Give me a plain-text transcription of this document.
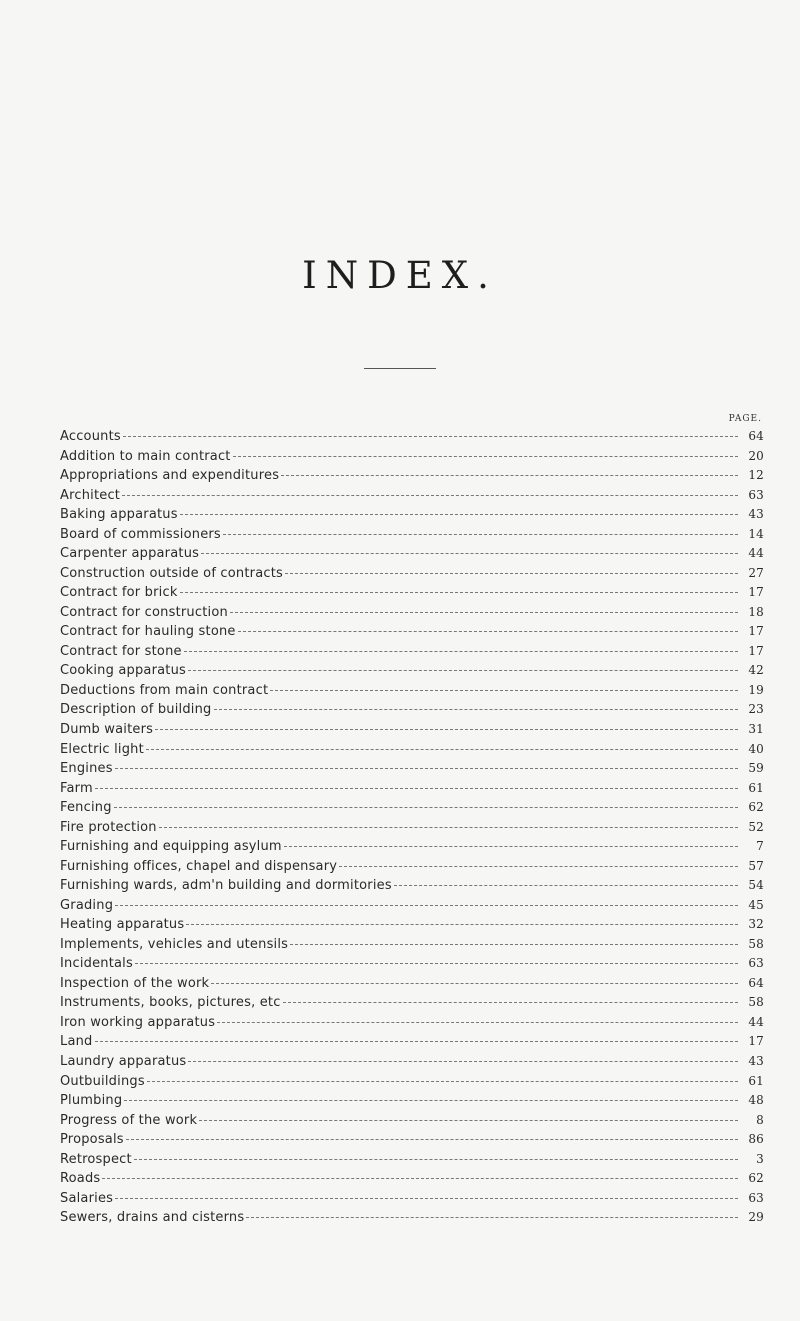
INDEX.
PAGE.
Accounts	64
Addition to main contract	20
Appropriations and expenditures	12
Architect	63
Baking apparatus	43
Board of commissioners	14
Carpenter apparatus	44
Construction outside of contracts	27
Contract for brick	17
Contract for construction	18
Contract for hauling stone	17
Contract for stone	17
Cooking apparatus	42
Deductions from main contract	19
Description of building	23
Dumb waiters	31
Electric light	40
Engines	59
Farm	61
Fencing	62
Fire protection	52
Furnishing and equipping asylum	7
Furnishing offices, chapel and dispensary	57
Furnishing wards, adm'n building and dormitories	54
Grading	45
Heating apparatus	32
Implements, vehicles and utensils	58
Incidentals	63
Inspection of the work	64
Instruments, books, pictures, etc	58
Iron working apparatus	44
Land	17
Laundry apparatus	43
Outbuildings	61
Plumbing	48
Progress of the work	8
Proposals	86
Retrospect	3
Roads	62
Salaries	63
Sewers, drains and cisterns	29
